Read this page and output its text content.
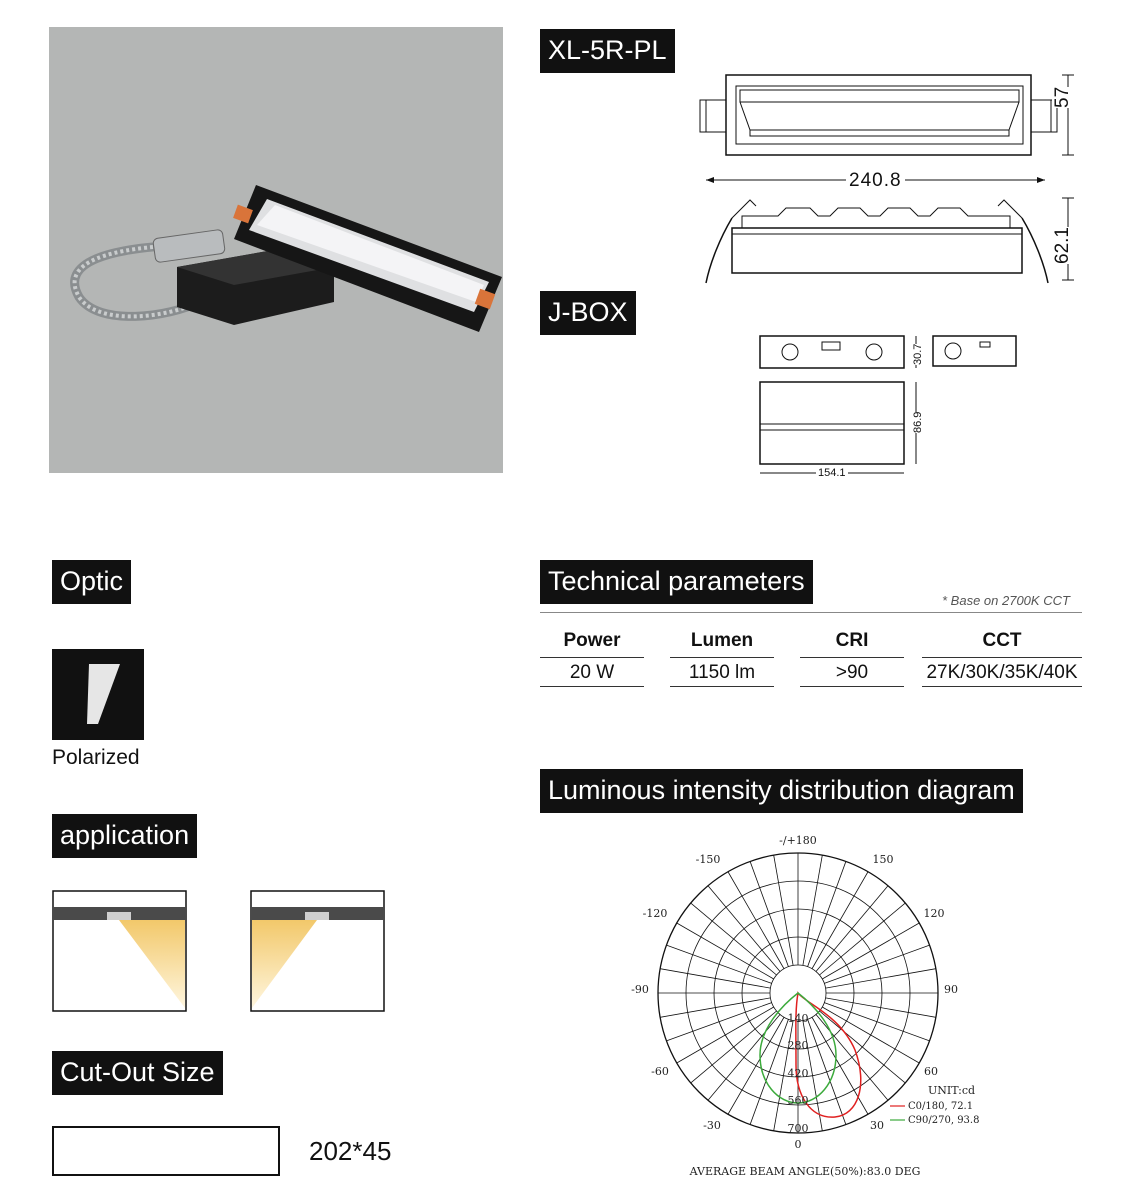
XL-5R-PL
240.8
57
62.1
J-BOX
30.7
86.9
154.1
Optic
Polarized
application
Cut-Out Size
202*45
Technical parameters
* Base on 2700K CCT
Power	Lumen	CRI	CCT
20 W	1150 lm	>90	27K/30K/35K/40K
Luminous intensity distribution diagram
-/+180
-150	150
-120	120
-90	90
-60	60
-30	30
0
140
280
420
560
700
UNIT:cd
C0/180, 72.1
C90/270, 93.8
AVERAGE BEAM ANGLE(50%):83.0 DEG
